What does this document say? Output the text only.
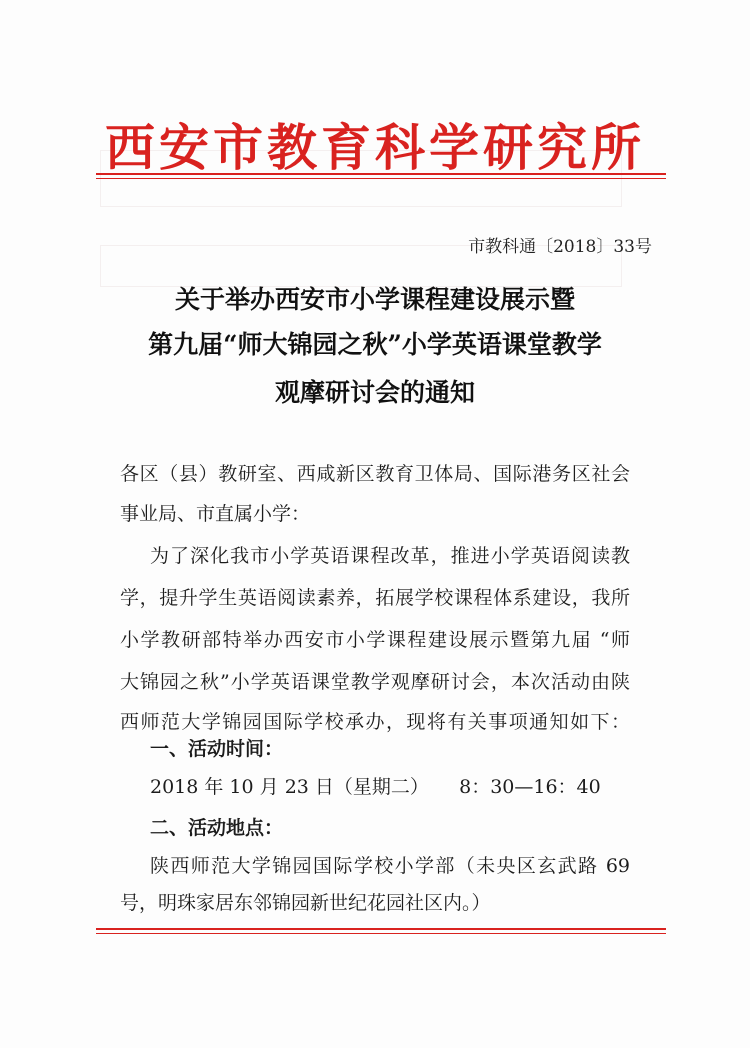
西安市教育科学研究所
市教科通〔2018〕33号
关于举办西安市小学课程建设展示暨
第九届“师大锦园之秋”小学英语课堂教学
观摩研讨会的通知
各区（县）教研室、西咸新区教育卫体局、国际港务区社会
事业局、市直属小学：
为了深化我市小学英语课程改革，推进小学英语阅读教
学，提升学生英语阅读素养，拓展学校课程体系建设，我所
小学教研部特举办西安市小学课程建设展示暨第九届 “师
大锦园之秋”小学英语课堂教学观摩研讨会，本次活动由陕
西师范大学锦园国际学校承办，现将有关事项通知如下：
一、活动时间：
2018 年 10 月 23 日（星期二）     8：30—16：40
二、活动地点：
陕西师范大学锦园国际学校小学部（未央区玄武路 69
号，明珠家居东邻锦园新世纪花园社区内。）
